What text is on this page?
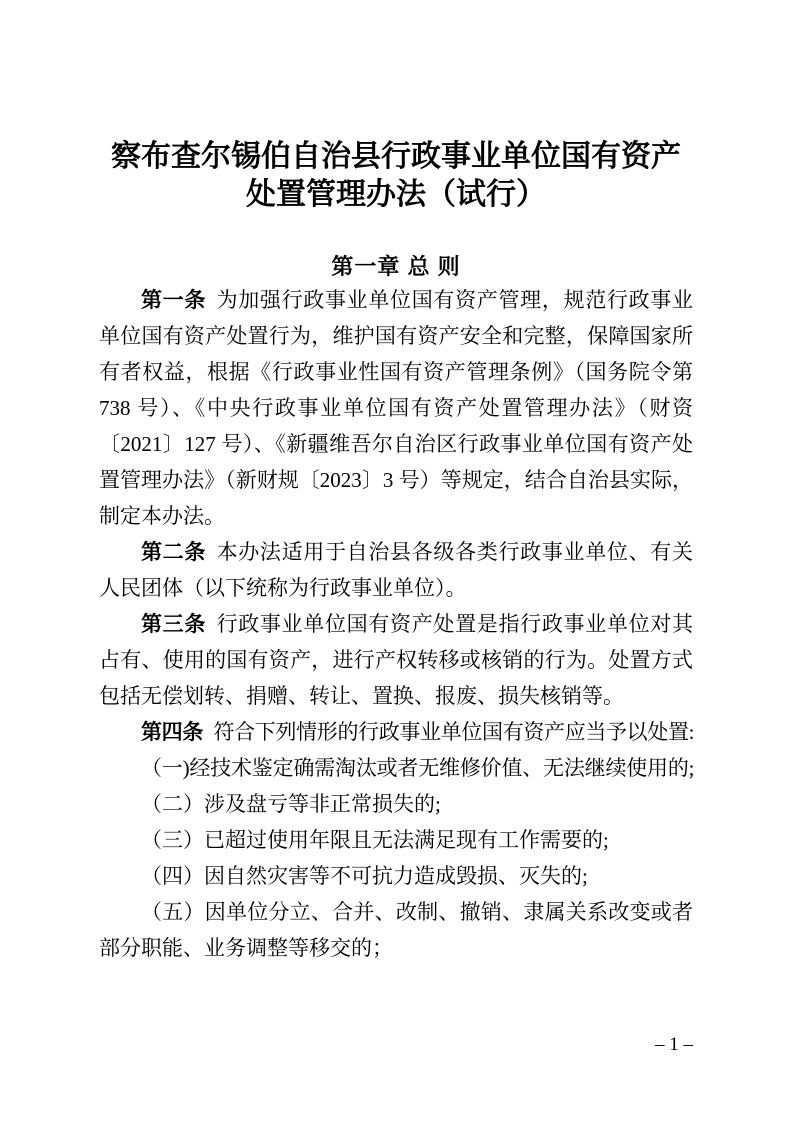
察布查尔锡伯自治县行政事业单位国有资产
处置管理办法（试行）
第一章 总 则

第一条 为加强行政事业单位国有资产管理，规范行政事业单位国有资产处置行为，维护国有资产安全和完整，保障国家所有者权益，根据《行政事业性国有资产管理条例》（国务院令第738 号）、《中央行政事业单位国有资产处置管理办法》（财资〔2021〕127 号）、《新疆维吾尔自治区行政事业单位国有资产处置管理办法》（新财规〔2023〕3 号）等规定，结合自治县实际，制定本办法。

第二条 本办法适用于自治县各级各类行政事业单位、有关人民团体（以下统称为行政事业单位）。

第三条 行政事业单位国有资产处置是指行政事业单位对其占有、使用的国有资产，进行产权转移或核销的行为。处置方式包括无偿划转、捐赠、转让、置换、报废、损失核销等。

第四条 符合下列情形的行政事业单位国有资产应当予以处置:

（一)经技术鉴定确需淘汰或者无维修价值、无法继续使用的;

（二）涉及盘亏等非正常损失的;

（三）已超过使用年限且无法满足现有工作需要的;

（四）因自然灾害等不可抗力造成毁损、灭失的;

（五）因单位分立、合并、改制、撤销、隶属关系改变或者部分职能、业务调整等移交的；

– 1 –
